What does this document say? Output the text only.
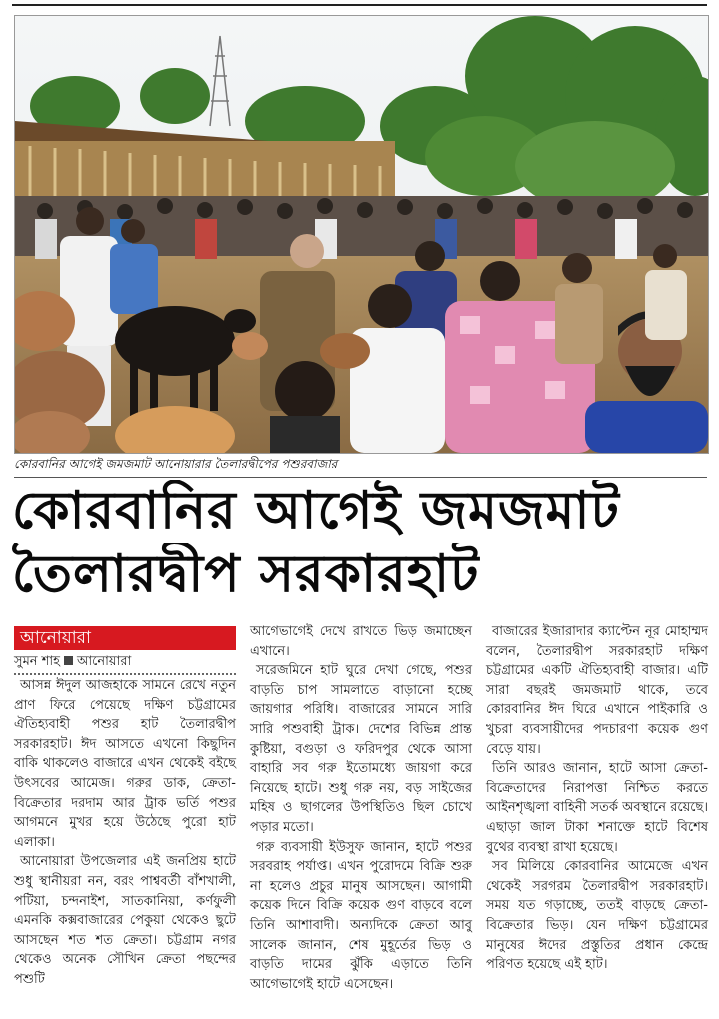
কোরবানির আগেই জমজমাট আনোয়ারার তৈলারদ্বীপের পশুরবাজার
কোরবানির আগেই জমজমাট
তৈলারদ্বীপ সরকারহাট
আনোয়ারা
সুমন শাহ আনোয়ারা

আসন্ন ঈদুল আজহাকে সামনে রেখে নতুন প্রাণ ফিরে পেয়েছে দক্ষিণ চট্টগ্রামের ঐতিহ্যবাহী পশুর হাট তৈলারদ্বীপ সরকারহাট। ঈদ আসতে এখনো কিছুদিন বাকি থাকলেও বাজারে এখন থেকেই বইছে উৎসবের আমেজ। গরুর ডাক, ক্রেতা-বিক্রেতার দরদাম আর ট্রাক ভর্তি পশুর আগমনে মুখর হয়ে উঠেছে পুরো হাট এলাকা।

আনোয়ারা উপজেলার এই জনপ্রিয় হাটে শুধু স্থানীয়রা নন, বরং পাশ্ববর্তী বাঁশখালী, পটিয়া, চন্দনাইশ, সাতকানিয়া, কর্ণফুলী এমনকি কক্সবাজারের পেকুয়া থেকেও ছুটে আসছেন শত শত ক্রেতা। চট্টগ্রাম নগর থেকেও অনেক সৌখিন ক্রেতা পছন্দের পশুটি

আগেভাগেই দেখে রাখতে ভিড় জমাচ্ছেন এখানে।

সরেজমিনে হাট ঘুরে দেখা গেছে, পশুর বাড়তি চাপ সামলাতে বাড়ানো হচ্ছে জায়গার পরিধি। বাজারের সামনে সারি সারি পশুবাহী ট্রাক। দেশের বিভিন্ন প্রান্ত কুষ্টিয়া, বগুড়া ও ফরিদপুর থেকে আসা বাহারি সব গরু ইতোমধ্যে জায়গা করে নিয়েছে হাটে। শুধু গরু নয়, বড় সাইজের মহিষ ও ছাগলের উপস্থিতিও ছিল চোখে পড়ার মতো।

গরু ব্যবসায়ী ইউসুফ জানান, হাটে পশুর সরবরাহ পর্যাপ্ত। এখন পুরোদমে বিক্রি শুরু না হলেও প্রচুর মানুষ আসছেন। আগামী কয়েক দিনে বিক্রি কয়েক গুণ বাড়বে বলে তিনি আশাবাদী। অন্যদিকে ক্রেতা আবু সালেক জানান, শেষ মুহূর্তের ভিড় ও বাড়তি দামের ঝুঁকি এড়াতে তিনি আগেভাগেই হাটে এসেছেন।

বাজারের ইজারাদার ক্যাপ্টেন নূর মোহাম্মদ বলেন, তৈলারদ্বীপ সরকারহাট দক্ষিণ চট্টগ্রামের একটি ঐতিহ্যবাহী বাজার। এটি সারা বছরই জমজমাট থাকে, তবে কোরবানির ঈদ ঘিরে এখানে পাইকারি ও খুচরা ব্যবসায়ীদের পদচারণা কয়েক গুণ বেড়ে যায়।

তিনি আরও জানান, হাটে আসা ক্রেতা-বিক্রেতাদের নিরাপত্তা নিশ্চিত করতে আইনশৃঙ্খলা বাহিনী সতর্ক অবস্থানে রয়েছে। এছাড়া জাল টাকা শনাক্তে হাটে বিশেষ বুথের ব্যবস্থা রাখা হয়েছে।

সব মিলিয়ে কোরবানির আমেজে এখন থেকেই সরগরম তৈলারদ্বীপ সরকারহাট। সময় যত গড়াচ্ছে, ততই বাড়ছে ক্রেতা-বিক্রেতার ভিড়। যেন দক্ষিণ চট্টগ্রামের মানুষের ঈদের প্রস্তুতির প্রধান কেন্দ্রে পরিণত হয়েছে এই হাট।
